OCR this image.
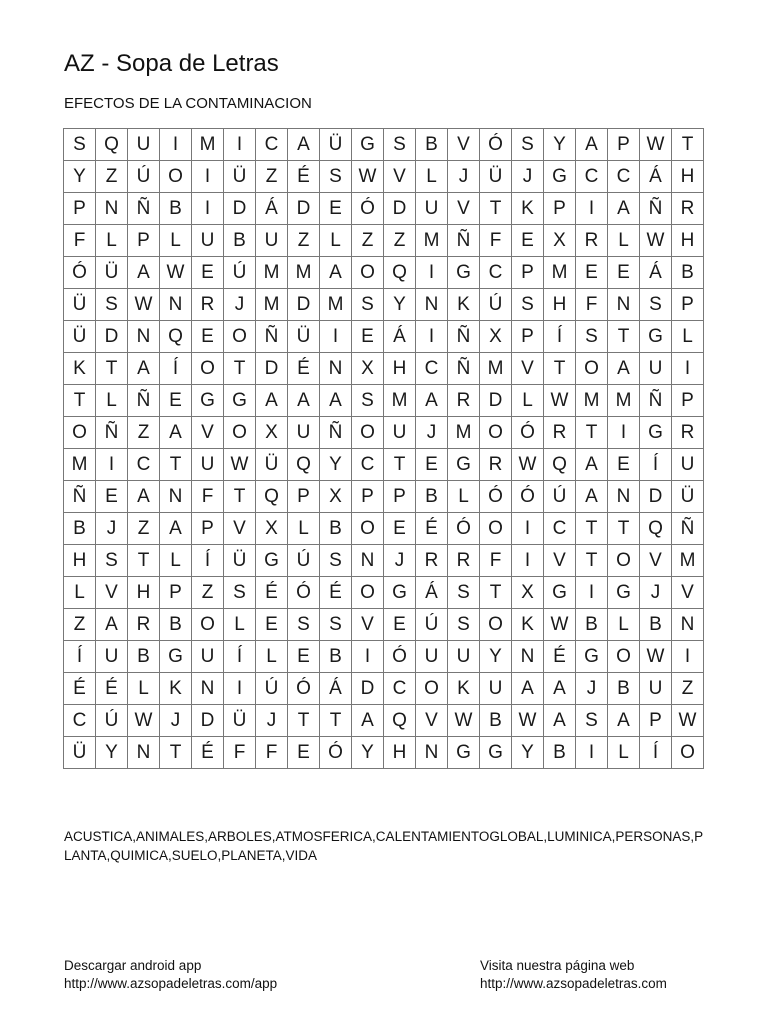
AZ - Sopa de Letras
EFECTOS DE LA CONTAMINACION
S Q U	I	M	I	C A Ü G S	B	V Ó S	Y	A	P W T
Y	Z	Ú O	I	Ü	Z	É	S W V	L	J	Ü	J	G C C Á H
P N Ñ B	I	D Á D E Ó D U V	T	K	P	I	A Ñ R
F	L	P	L	U B U	Z	L	Z	Z M Ñ	F	E	X R	L W H
Ó Ü A W E Ú M M A O Q	I	G C P M E	E	Á	B
Ü S W N R	J	M D M S	Y N K Ú S H	F	N S	P
Ü D N Q E O Ñ Ü	I	E	Á	I	Ñ X	P	Í	S	T G	L
K	T	A	Í	O T	D É N X H C Ñ M V	T O A U	I
T	L	Ñ E G G A	A	A	S M A R D	L W M M Ñ P
O Ñ	Z	A	V O X U Ñ O U	J	M O Ó R	T	I	G R
M	I	C	T	U W Ü Q Y C	T	E G R W Q A	E	Í	U
Ñ E	A N	F	T Q P	X	P	P	B	L	Ó Ó Ú A N D Ü
B	J	Z	A	P	V	X	L	B O E	É Ó O	I	C	T	T Q Ñ
H S	T	L	Í	Ü G Ú S N	J	R R	F	I	V	T O V M
L	V H P	Z	S	É Ó É O G Á	S	T	X G	I	G	J	V
Z	A R B O	L	E	S	S	V	E Ú S O K W B	L	B N
Í	U B G U	Í	L	E	B	I	Ó U U Y N É G O W	I
É	É	L	K N	I	Ú Ó Á D C O K U A	A	J	B U	Z
C Ú W J	D Ü	J	T	T	A Q V W B W A	S	A	P W
Ü Y N	T	É	F	F	E Ó Y H N G G Y	B	I	L	Í	O
ACUSTICA,ANIMALES,ARBOLES,ATMOSFERICA,CALENTAMIENTOGLOBAL,LUMINICA,PERSONAS,PLANTA,QUIMICA,SUELO,PLANETA,VIDA
Descargar android app
http://www.azsopadeletras.com/app
Visita nuestra página web
http://www.azsopadeletras.com
